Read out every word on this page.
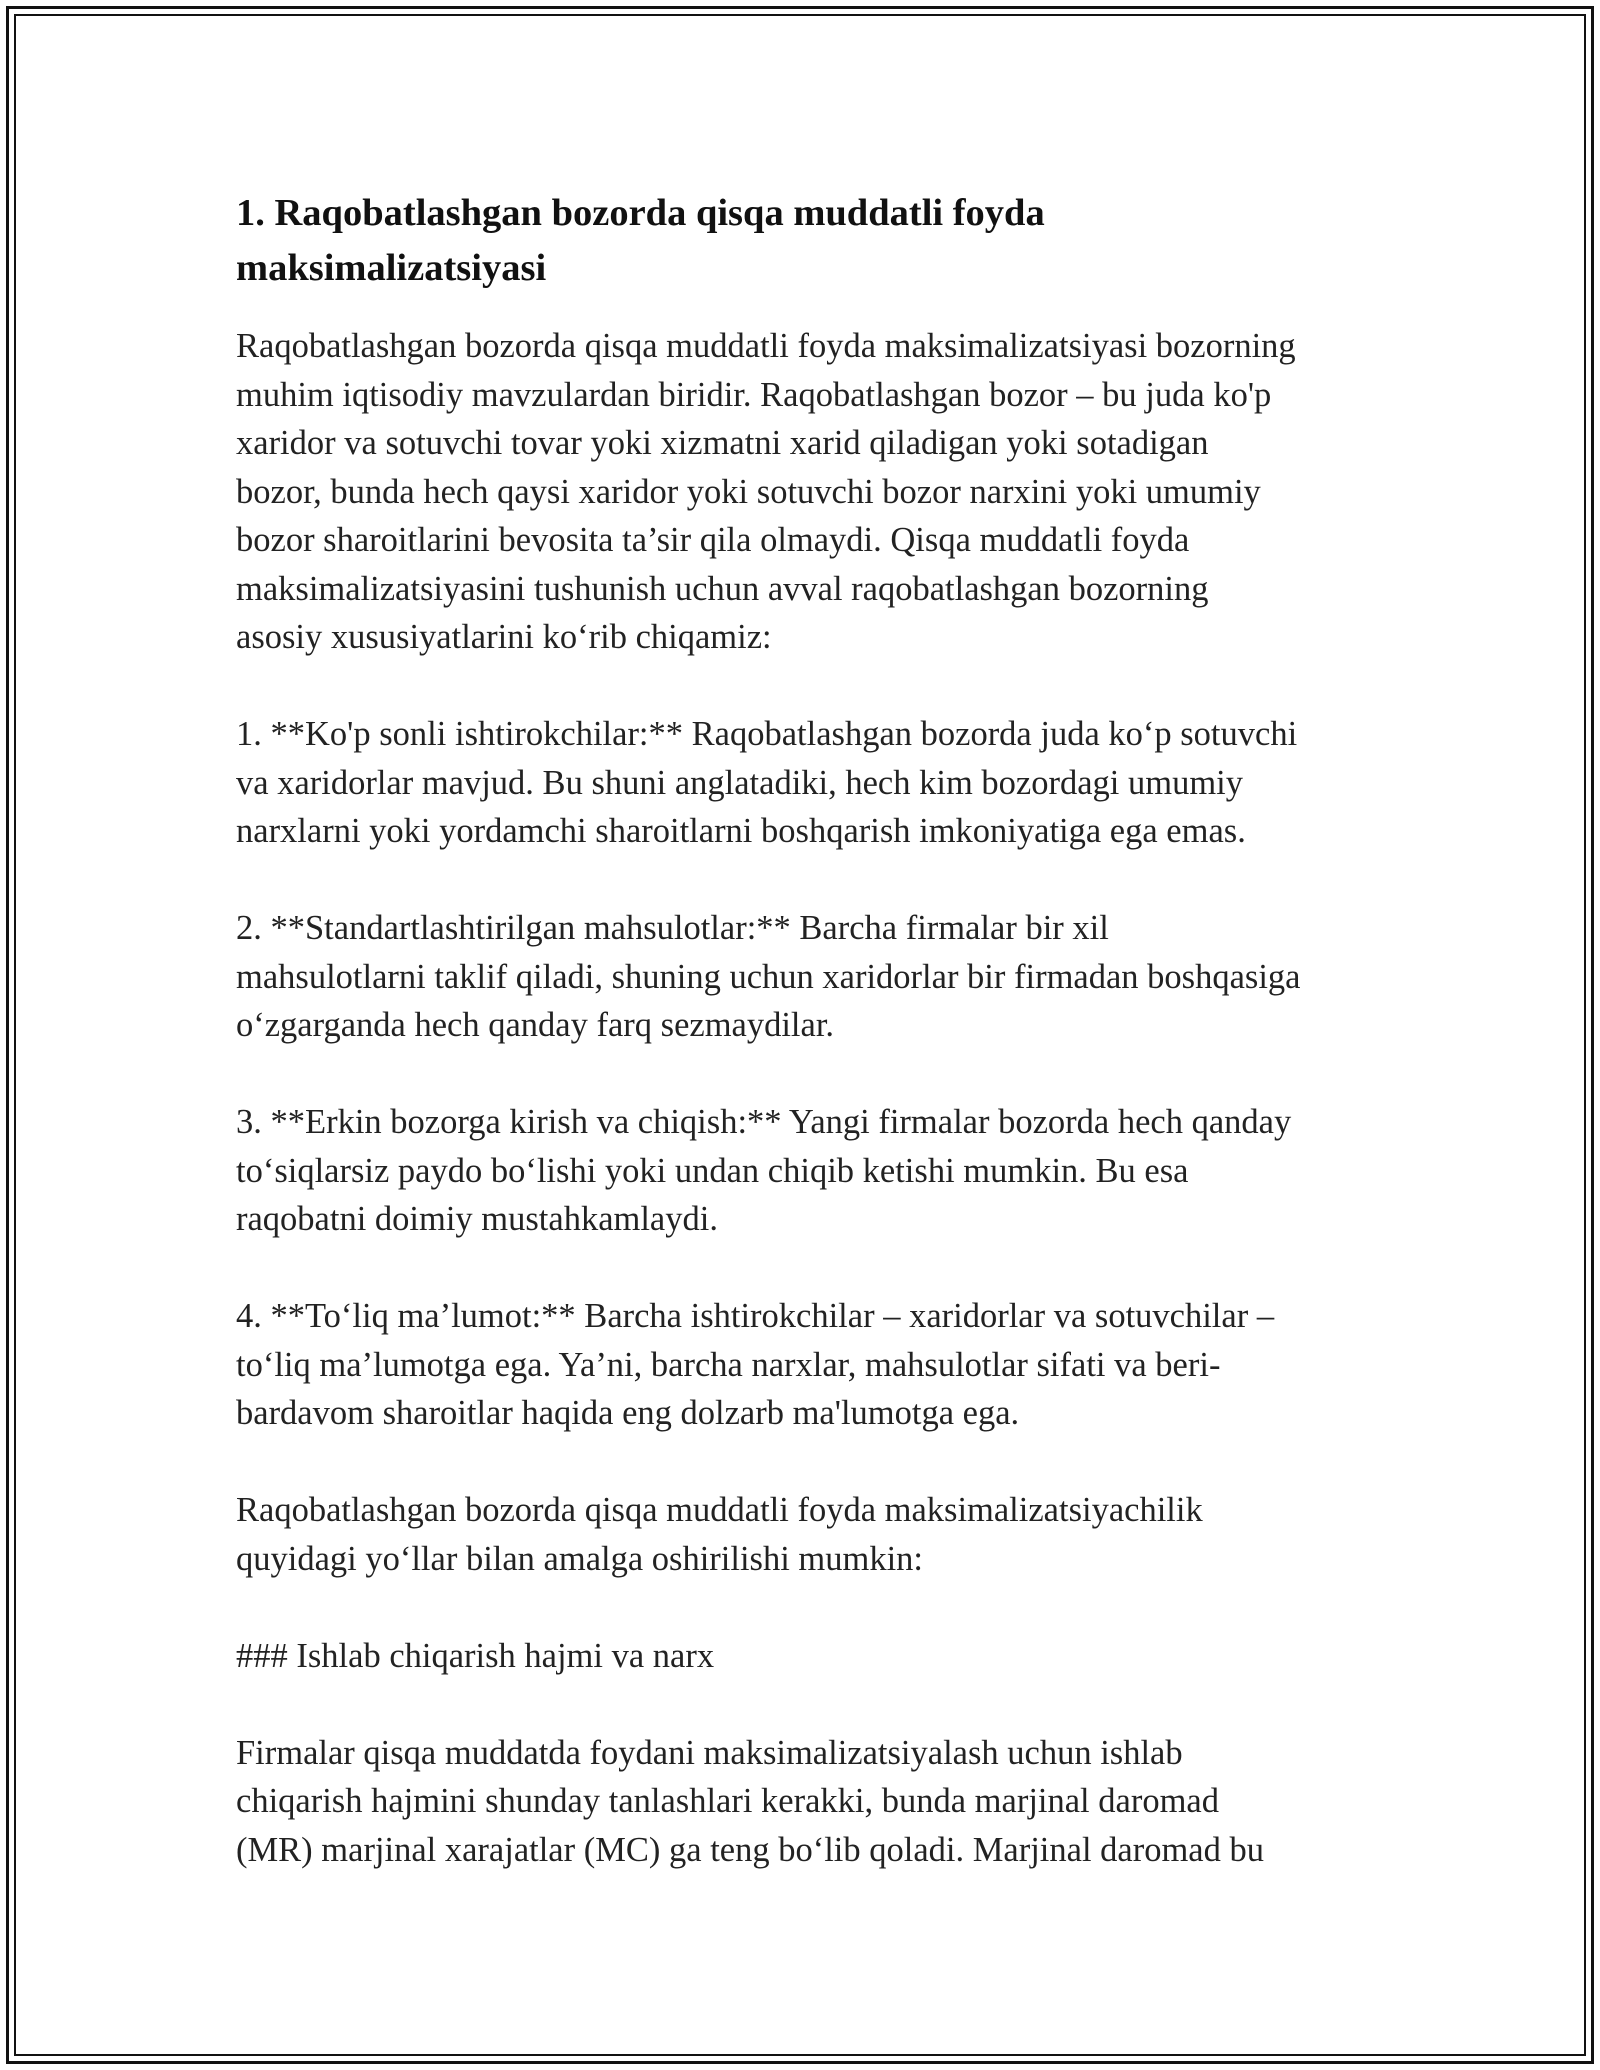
1. Raqobatlashgan bozorda qisqa muddatli foyda
maksimalizatsiyasi

Raqobatlashgan bozorda qisqa muddatli foyda maksimalizatsiyasi bozorning
muhim iqtisodiy mavzulardan biridir. Raqobatlashgan bozor – bu juda ko'p
xaridor va sotuvchi tovar yoki xizmatni xarid qiladigan yoki sotadigan
bozor, bunda hech qaysi xaridor yoki sotuvchi bozor narxini yoki umumiy
bozor sharoitlarini bevosita ta’sir qila olmaydi. Qisqa muddatli foyda
maksimalizatsiyasini tushunish uchun avval raqobatlashgan bozorning
asosiy xususiyatlarini ko‘rib chiqamiz:

1. **Ko'p sonli ishtirokchilar:** Raqobatlashgan bozorda juda ko‘p sotuvchi
va xaridorlar mavjud. Bu shuni anglatadiki, hech kim bozordagi umumiy
narxlarni yoki yordamchi sharoitlarni boshqarish imkoniyatiga ega emas.

2. **Standartlashtirilgan mahsulotlar:** Barcha firmalar bir xil
mahsulotlarni taklif qiladi, shuning uchun xaridorlar bir firmadan boshqasiga
o‘zgarganda hech qanday farq sezmaydilar.

3. **Erkin bozorga kirish va chiqish:** Yangi firmalar bozorda hech qanday
to‘siqlarsiz paydo bo‘lishi yoki undan chiqib ketishi mumkin. Bu esa
raqobatni doimiy mustahkamlaydi.

4. **To‘liq ma’lumot:** Barcha ishtirokchilar – xaridorlar va sotuvchilar –
to‘liq ma’lumotga ega. Ya’ni, barcha narxlar, mahsulotlar sifati va beri-
bardavom sharoitlar haqida eng dolzarb ma'lumotga ega.

Raqobatlashgan bozorda qisqa muddatli foyda maksimalizatsiyachilik
quyidagi yo‘llar bilan amalga oshirilishi mumkin:

### Ishlab chiqarish hajmi va narx

Firmalar qisqa muddatda foydani maksimalizatsiyalash uchun ishlab
chiqarish hajmini shunday tanlashlari kerakki, bunda marjinal daromad
(MR) marjinal xarajatlar (MC) ga teng bo‘lib qoladi. Marjinal daromad bu
